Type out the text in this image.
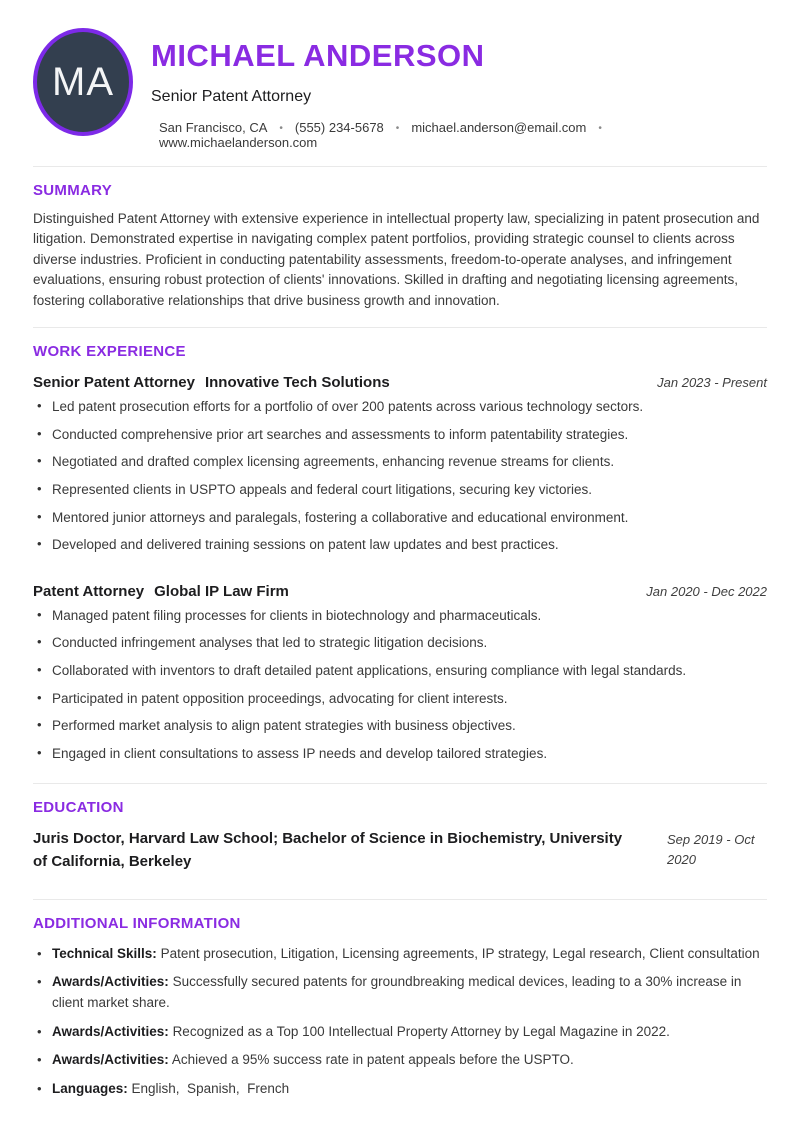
MA
MICHAEL ANDERSON
Senior Patent Attorney
San Francisco, CA • (555) 234-5678 • michael.anderson@email.com •www.michaelanderson.com
SUMMARY

Distinguished Patent Attorney with extensive experience in intellectual property law, specializing in patent prosecution and litigation. Demonstrated expertise in navigating complex patent portfolios, providing strategic counsel to clients across diverse industries. Proficient in conducting patentability assessments, freedom-to-operate analyses, and infringement evaluations, ensuring robust protection of clients' innovations. Skilled in drafting and negotiating licensing agreements, fostering collaborative relationships that drive business growth and innovation.

WORK EXPERIENCE
Senior Patent Attorney Innovative Tech Solutions	Jan 2023 - Present
• Led patent prosecution efforts for a portfolio of over 200 patents across various technology sectors.
• Conducted comprehensive prior art searches and assessments to inform patentability strategies.
• Negotiated and drafted complex licensing agreements, enhancing revenue streams for clients.
• Represented clients in USPTO appeals and federal court litigations, securing key victories.
• Mentored junior attorneys and paralegals, fostering a collaborative and educational environment.
• Developed and delivered training sessions on patent law updates and best practices.
Patent Attorney Global IP Law Firm	Jan 2020 - Dec 2022
• Managed patent filing processes for clients in biotechnology and pharmaceuticals.
• Conducted infringement analyses that led to strategic litigation decisions.
• Collaborated with inventors to draft detailed patent applications, ensuring compliance with legal standards.
• Participated in patent opposition proceedings, advocating for client interests.
• Performed market analysis to align patent strategies with business objectives.
• Engaged in client consultations to assess IP needs and develop tailored strategies.
EDUCATION
Juris Doctor, Harvard Law School; Bachelor of Science in Biochemistry, University of California, Berkeley
Sep 2019 - Oct 2020
ADDITIONAL INFORMATION
• Technical Skills: Patent prosecution, Litigation, Licensing agreements, IP strategy, Legal research, Client consultation
• Awards/Activities: Successfully secured patents for groundbreaking medical devices, leading to a 30% increase in client market share.
• Awards/Activities: Recognized as a Top 100 Intellectual Property Attorney by Legal Magazine in 2022.
• Awards/Activities: Achieved a 95% success rate in patent appeals before the USPTO.
• Languages: English,  Spanish,  French
